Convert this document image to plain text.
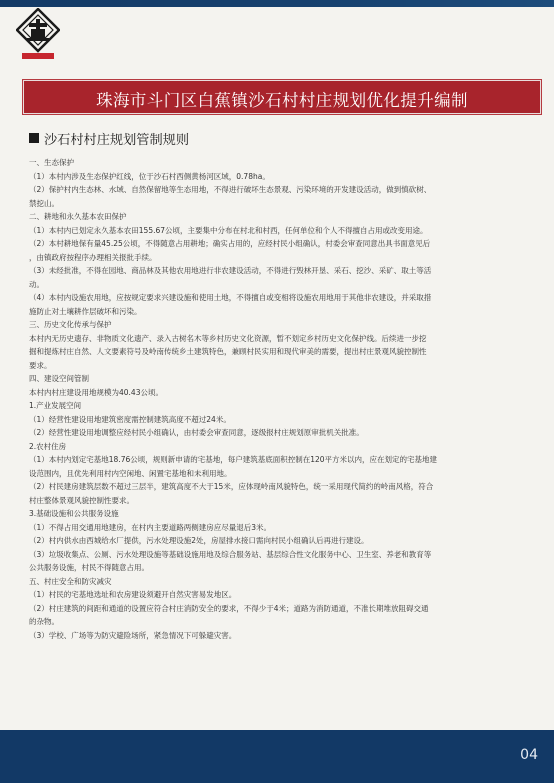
珠海市斗门区白蕉镇沙石村村庄规划优化提升编制
沙石村村庄规划管制规则
一、生态保护
（1）本村内涉及生态保护红线，位于沙石村西侧黄杨河区域，0.78ha。
（2）保护村内生态林、水域、自然保留地等生态用地，不得进行破坏生态景观、污染环境的开发建设活动，做到慎砍树、
禁挖山。
二、耕地和永久基本农田保护
（1）本村内已划定永久基本农田155.67公顷，主要集中分布在村北和村西，任何单位和个人不得擅自占用或改变用途。
（2）本村耕地保有量45.25公顷，不得随意占用耕地；确实占用的，应经村民小组确认，村委会审查同意出具书面意见后
，由镇政府按程序办理相关报批手续。
（3）未经批准，不得在园地、商品林及其他农用地进行非农建设活动，不得进行毁林开垦、采石、挖沙、采矿、取土等活
动。
（4）本村内设施农用地，应按规定要求兴建设施和使用土地，不得擅自或变相将设施农用地用于其他非农建设，并采取措
施防止对土壤耕作层破坏和污染。
三、历史文化传承与保护
本村内无历史遗存、非物质文化遗产、录入古树名木等乡村历史文化资源，暂不划定乡村历史文化保护线。后续进一步挖
掘和提炼村庄自然、人文要素符号及岭南传统乡土建筑特色，兼顾村民实用和现代审美的需要，提出村庄景观风貌控制性
要求。
四、建设空间管制
本村内村庄建设用地规模为40.43公顷。
1.产业发展空间
（1）经营性建设用地建筑密度需控制建筑高度不超过24米。
（2）经营性建设用地调整应经村民小组确认，由村委会审查同意，逐级报村庄规划原审批机关批准。
2.农村住房
（1）本村内划定宅基地18.76公顷，规则新申请的宅基地，每户建筑基底面积控制在120平方米以内，应在划定的宅基地建
设范围内，且优先利用村内空闲地、闲置宅基地和未利用地。
（2）村民建房建筑层数不超过三层半，建筑高度不大于15米，应体现岭南风貌特色，统一采用现代简约的岭南风格，符合
村庄整体景观风貌控制性要求。
3.基础设施和公共服务设施
（1）不得占用交通用地建房，在村内主要道路两侧建房应尽量退后3米。
（2）村内供水由西城给水厂提供，污水处理设施2处，房屋排水接口需向村民小组确认后再进行建设。
（3）垃圾收集点、公厕、污水处理设施等基础设施用地及综合服务站、基层综合性文化服务中心、卫生室、养老和教育等
公共服务设施，村民不得随意占用。
五、村庄安全和防灾减灾
（1）村民的宅基地选址和农房建设须避开自然灾害易发地区。
（2）村庄建筑的间距和通道的设置应符合村庄消防安全的要求，不得少于4米；道路为消防通道，不准长期堆放阻碍交通
的杂物。
（3）学校、广场等为防灾避险场所，紧急情况下可躲避灾害。
04
